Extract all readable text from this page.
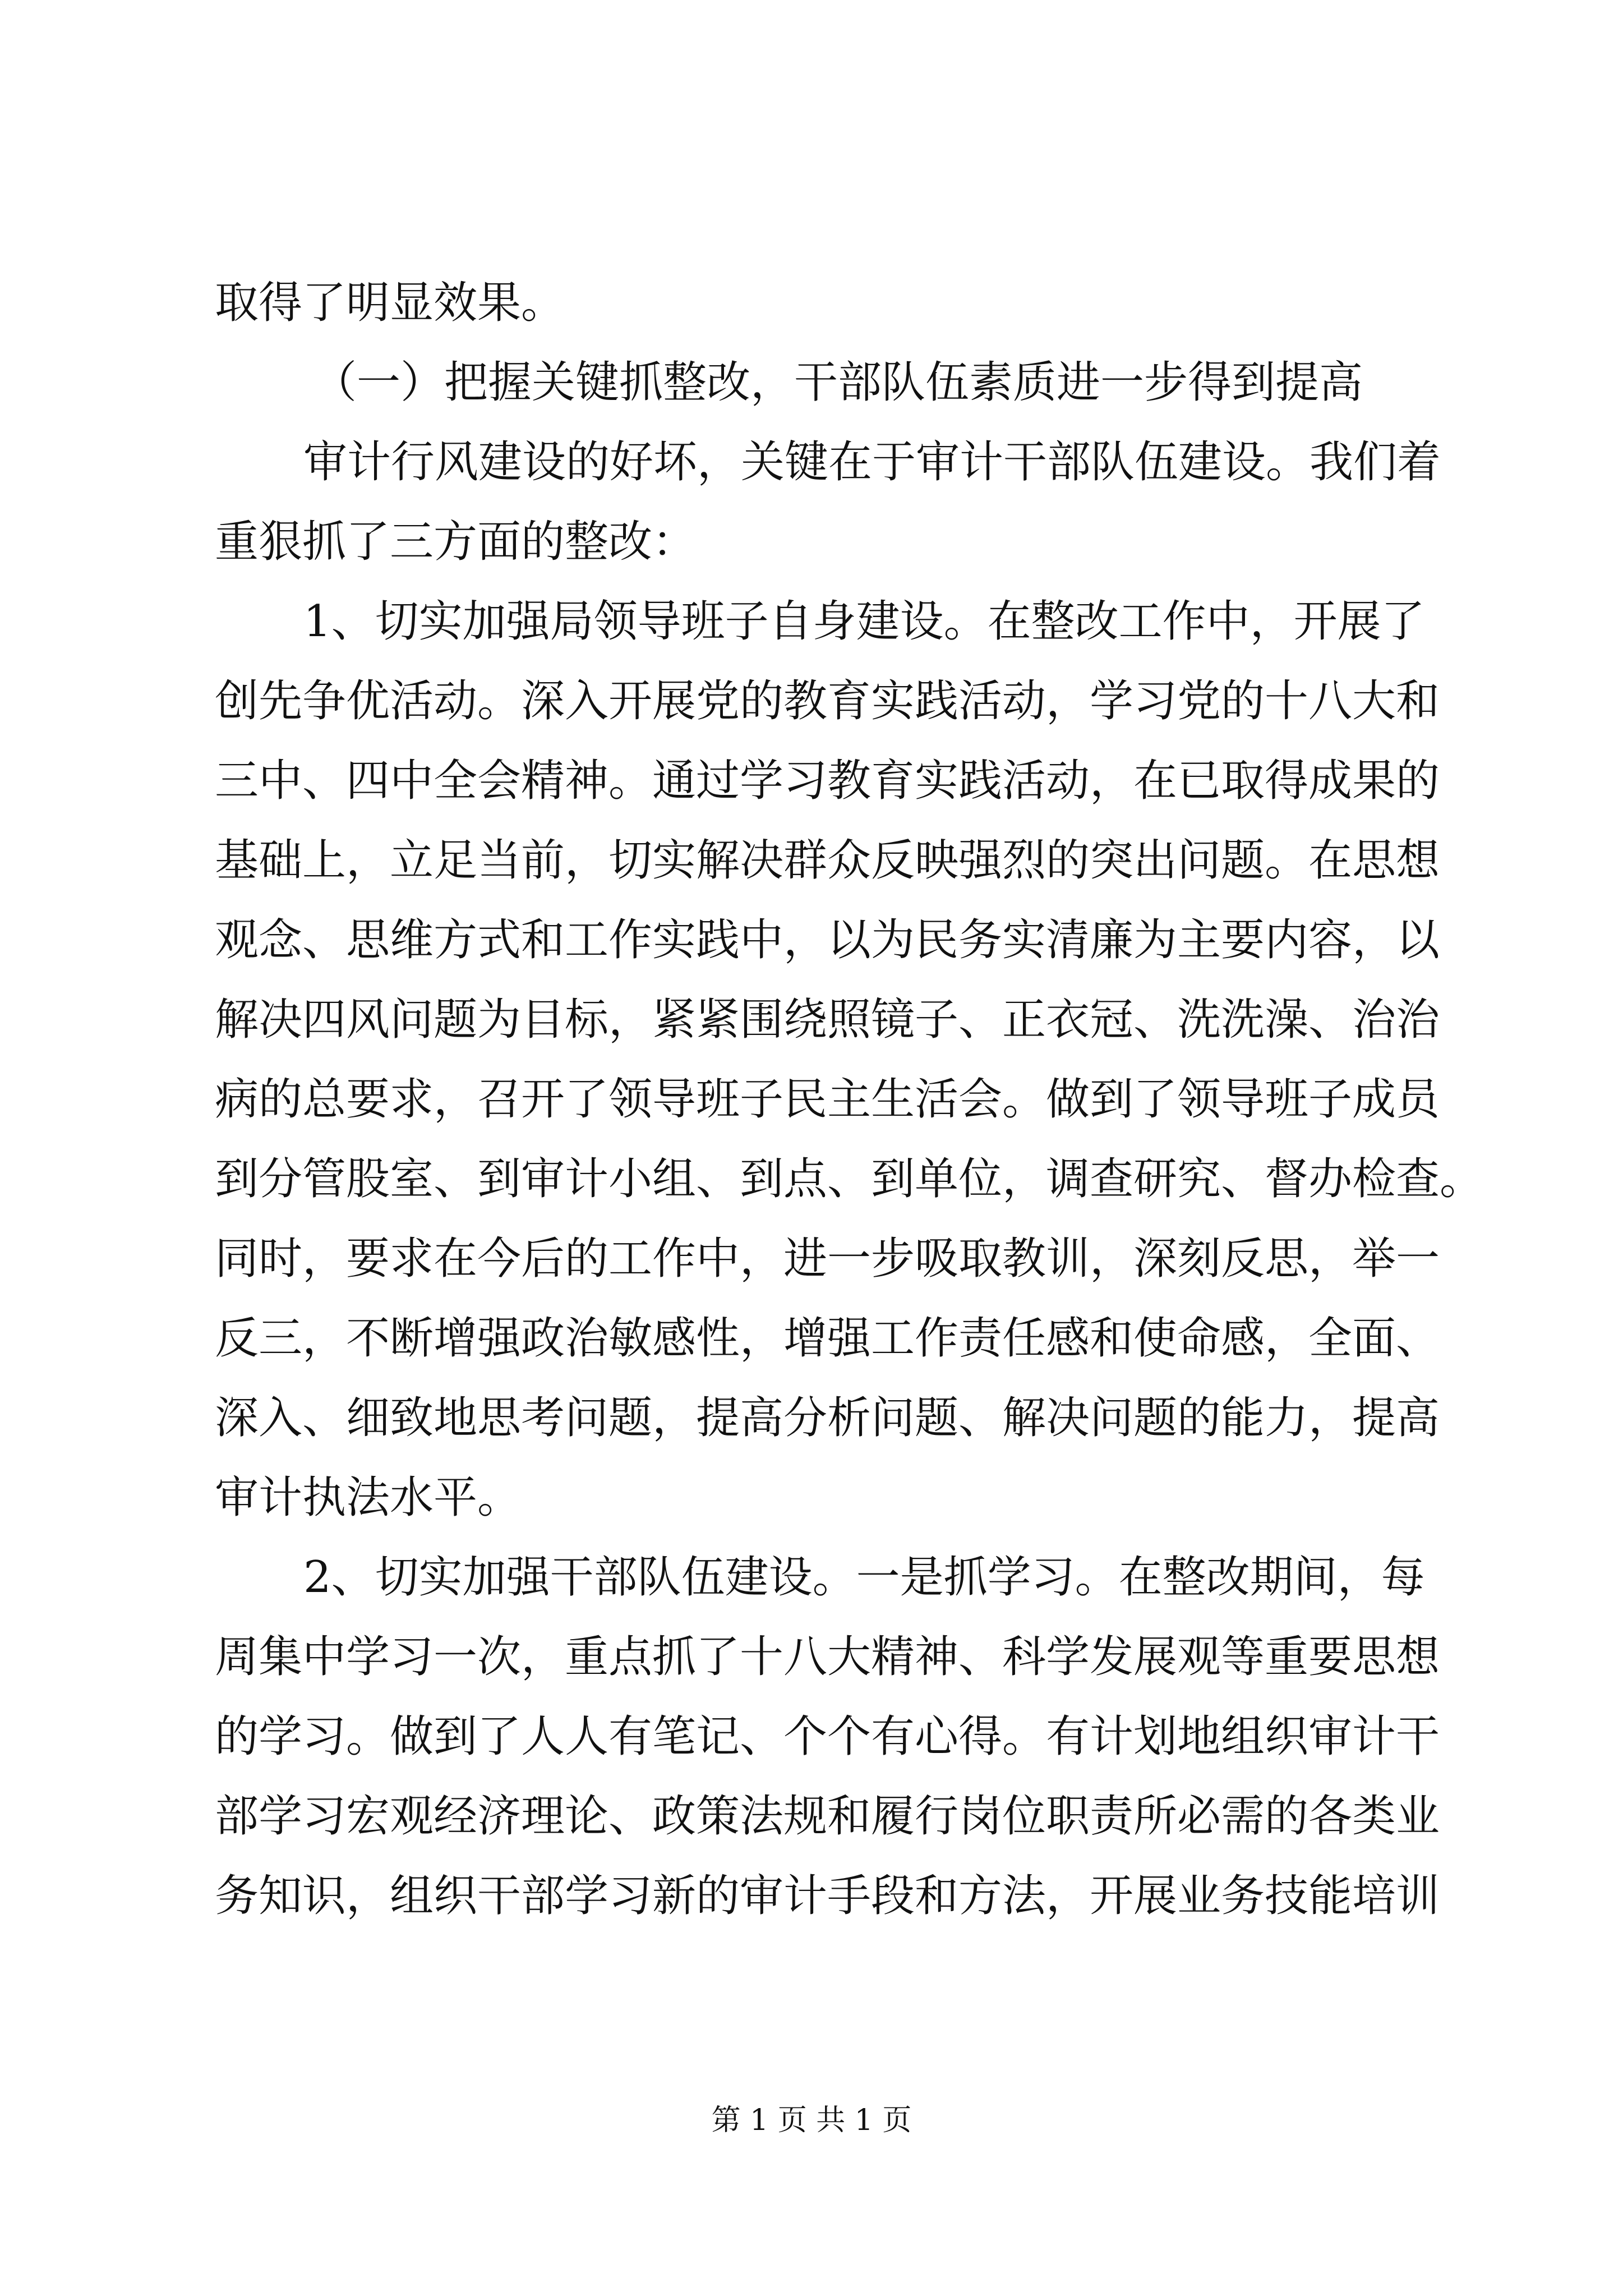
取得了明显效果。
（一）把握关键抓整改，干部队伍素质进一步得到提高
审计行风建设的好坏，关键在于审计干部队伍建设。我们着
重狠抓了三方面的整改：
1、切实加强局领导班子自身建设。在整改工作中，开展了
创先争优活动。深入开展党的教育实践活动，学习党的十八大和
三中、四中全会精神。通过学习教育实践活动，在已取得成果的
基础上，立足当前，切实解决群众反映强烈的突出问题。在思想
观念、思维方式和工作实践中，以为民务实清廉为主要内容，以
解决四风问题为目标，紧紧围绕照镜子、正衣冠、洗洗澡、治治
病的总要求，召开了领导班子民主生活会。做到了领导班子成员
到分管股室、到审计小组、到点、到单位，调查研究、督办检查。
同时，要求在今后的工作中，进一步吸取教训，深刻反思，举一
反三，不断增强政治敏感性，增强工作责任感和使命感，全面、
深入、细致地思考问题，提高分析问题、解决问题的能力，提高
审计执法水平。
2、切实加强干部队伍建设。一是抓学习。在整改期间，每
周集中学习一次，重点抓了十八大精神、科学发展观等重要思想
的学习。做到了人人有笔记、个个有心得。有计划地组织审计干
部学习宏观经济理论、政策法规和履行岗位职责所必需的各类业
务知识，组织干部学习新的审计手段和方法，开展业务技能培训
第 1 页 共 1 页
